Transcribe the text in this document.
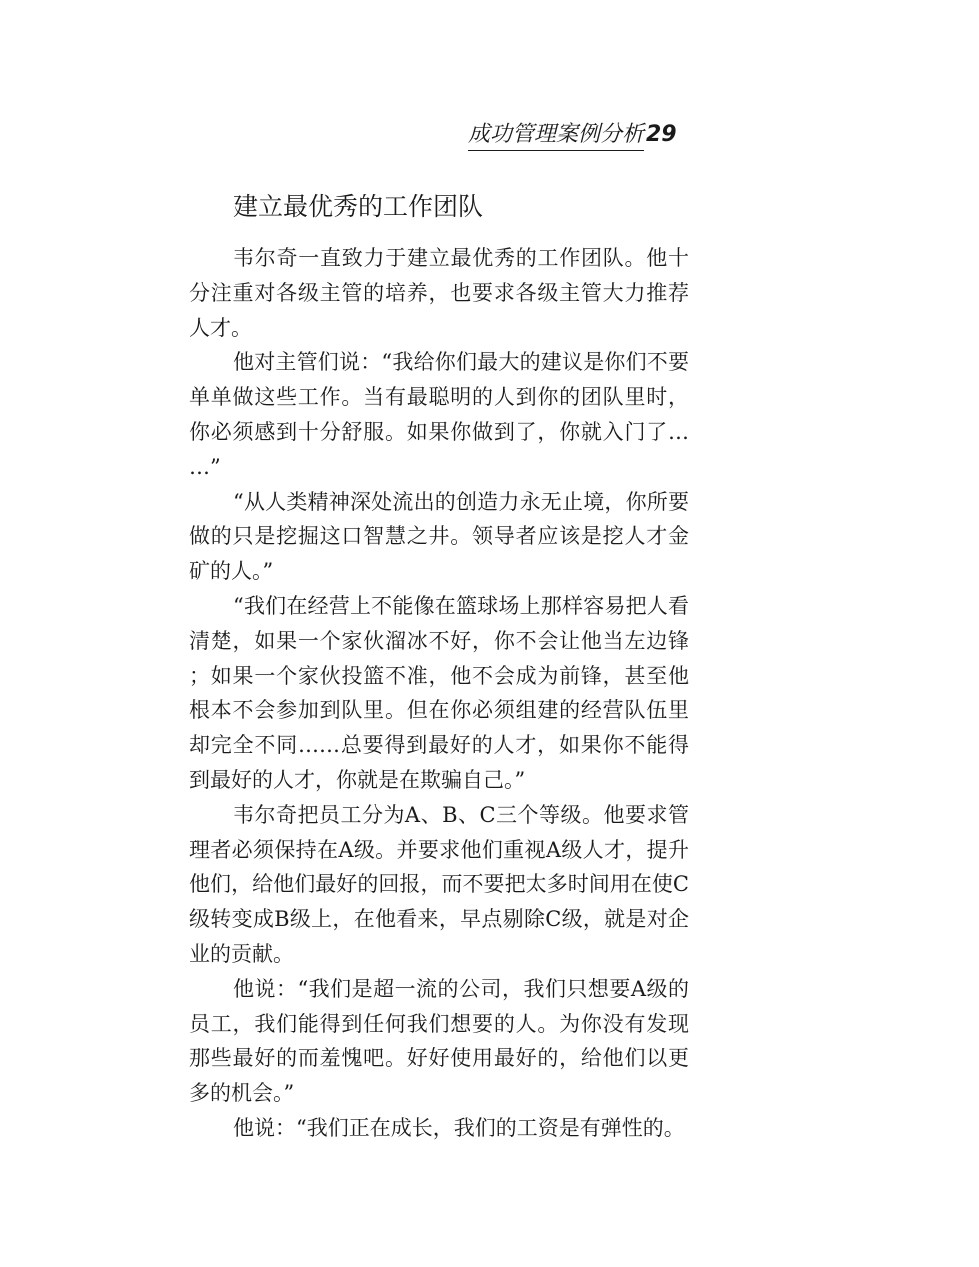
成功管理案例分析 29
建立最优秀的工作团队

韦尔奇一直致力于建立最优秀的工作团队。他十分注重对各级主管的培养，也要求各级主管大力推荐人才。

他对主管们说：“我给你们最大的建议是你们不要单单做这些工作。当有最聪明的人到你的团队里时，你必须感到十分舒服。如果你做到了，你就入门了……”

“从人类精神深处流出的创造力永无止境，你所要做的只是挖掘这口智慧之井。领导者应该是挖人才金矿的人。”

“我们在经营上不能像在篮球场上那样容易把人看清楚，如果一个家伙溜冰不好，你不会让他当左边锋；如果一个家伙投篮不准，他不会成为前锋，甚至他根本不会参加到队里。但在你必须组建的经营队伍里却完全不同……总要得到最好的人才，如果你不能得到最好的人才，你就是在欺骗自己。”

韦尔奇把员工分为A、B、C三个等级。他要求管理者必须保持在A级。并要求他们重视A级人才，提升他们，给他们最好的回报，而不要把太多时间用在使C级转变成B级上，在他看来，早点剔除C级，就是对企业的贡献。

他说：“我们是超一流的公司，我们只想要A级的员工，我们能得到任何我们想要的人。为你没有发现那些最好的而羞愧吧。好好使用最好的，给他们以更多的机会。”

他说：“我们正在成长，我们的工资是有弹性的。
